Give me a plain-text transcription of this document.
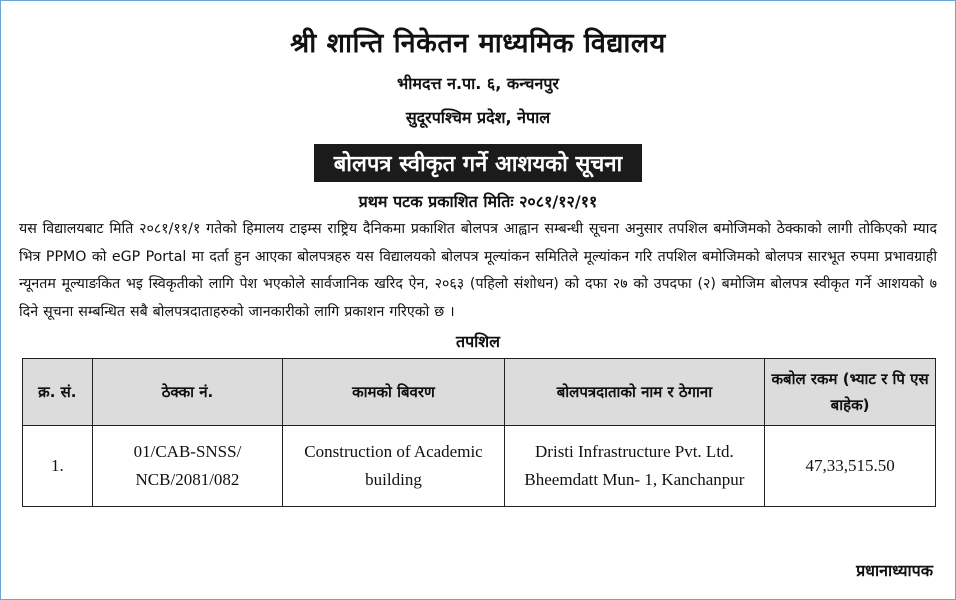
श्री शान्ति निकेतन माध्यमिक विद्यालय
भीमदत्त न.पा. ६, कन्चनपुर
सुदूरपश्चिम प्रदेश, नेपाल
बोलपत्र स्वीकृत गर्ने आशयको सूचना
प्रथम पटक प्रकाशित मितिः २०८१/१२/११
यस विद्यालयबाट मिति २०८१/११/१ गतेको हिमालय टाइम्स राष्ट्रिय दैनिकमा प्रकाशित बोलपत्र आह्वान सम्बन्धी सूचना अनुसार तपशिल बमोजिमको ठेक्काको लागी तोकिएको म्याद भित्र PPMO को eGP Portal मा दर्ता हुन आएका बोलपत्रहरु यस विद्यालयको बोलपत्र मूल्यांकन समितिले मूल्यांकन गरि तपशिल बमोजिमको बोलपत्र सारभूत रुपमा प्रभावग्राही न्यूनतम मूल्याङकित भइ स्विकृतीको लागि पेश भएकोले सार्वजानिक खरिद ऐन, २०६३ (पहिलो संशोधन) को दफा २७ को उपदफा (२) बमोजिम बोलपत्र स्वीकृत गर्ने आशयको ७ दिने सूचना सम्बन्धित सबै बोलपत्रदाताहरुको जानकारीको लागि प्रकाशन गरिएको छ ।
तपशिल
क्र. सं.	ठेक्का नं.	कामको बिवरण	बोलपत्रदाताको नाम र ठेगाना	कबोल रकम (भ्याट र पि एस बाहेक)
1.	01/CAB-SNSS/ NCB/2081/082	Construction of Academic building	Dristi Infrastructure Pvt. Ltd. Bheemdatt Mun- 1, Kanchanpur	47,33,515.50
प्रधानाध्यापक
